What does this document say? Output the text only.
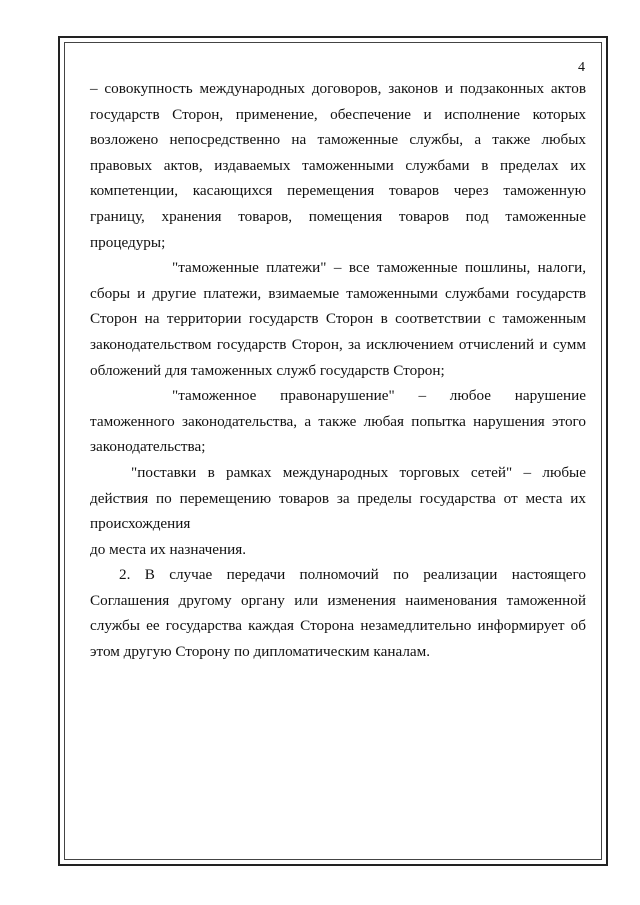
4

– совокупность международных договоров, законов и подзаконных актов государств Сторон, применение, обеспечение и исполнение которых возложено непосредственно на таможенные службы, а также любых правовых актов, издаваемых таможенными службами в пределах их компетенции, касающихся перемещения товаров через таможенную границу, хранения товаров, помещения товаров под таможенные процедуры;

"таможенные платежи" – все таможенные пошлины, налоги, сборы и другие платежи, взимаемые таможенными службами государств Сторон на территории государств Сторон в соответствии с таможенным законодательством государств Сторон, за исключением отчислений и сумм обложений для таможенных служб государств Сторон;

"таможенное правонарушение" – любое нарушение таможенного законодательства, а также любая попытка нарушения этого законодательства;

"поставки в рамках международных торговых сетей" – любые действия по перемещению товаров за пределы государства от места их происхождения

до места их назначения.

2. В случае передачи полномочий по реализации настоящего Соглашения другому органу или изменения наименования таможенной службы ее государства каждая Сторона незамедлительно информирует об этом другую Сторону по дипломатическим каналам.
